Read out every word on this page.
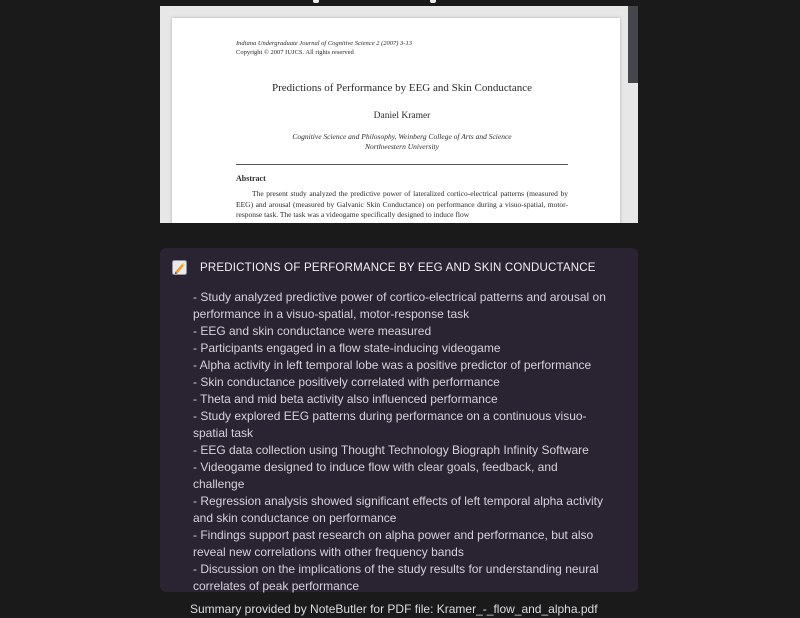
Indiana Undergraduate Journal of Cognitive Science 2 (2007) 3-13
Copyright © 2007 IUJCS. All rights reserved
Predictions of Performance by EEG and Skin Conductance
Daniel Kramer
Cognitive Science and Philosophy, Weinberg College of Arts and Science
Northwestern University
Abstract
The present study analyzed the predictive power of lateralized cortico-electrical patterns (measured by EEG) and arousal (measured by Galvanic Skin Conductance) on performance during a visuo-spatial, motor-response task. The task was a videogame specifically designed to induce flow
PREDICTIONS OF PERFORMANCE BY EEG AND SKIN CONDUCTANCE
- Study analyzed predictive power of cortico-electrical patterns and arousal on performance in a visuo-spatial, motor-response task
- EEG and skin conductance were measured
- Participants engaged in a flow state-inducing videogame
- Alpha activity in left temporal lobe was a positive predictor of performance
- Skin conductance positively correlated with performance
- Theta and mid beta activity also influenced performance
- Study explored EEG patterns during performance on a continuous visuo-spatial task
- EEG data collection using Thought Technology Biograph Infinity Software
- Videogame designed to induce flow with clear goals, feedback, and challenge
- Regression analysis showed significant effects of left temporal alpha activity and skin conductance on performance
- Findings support past research on alpha power and performance, but also reveal new correlations with other frequency bands
- Discussion on the implications of the study results for understanding neural correlates of peak performance
Summary provided by NoteButler for PDF file: Kramer_-_flow_and_alpha.pdf
